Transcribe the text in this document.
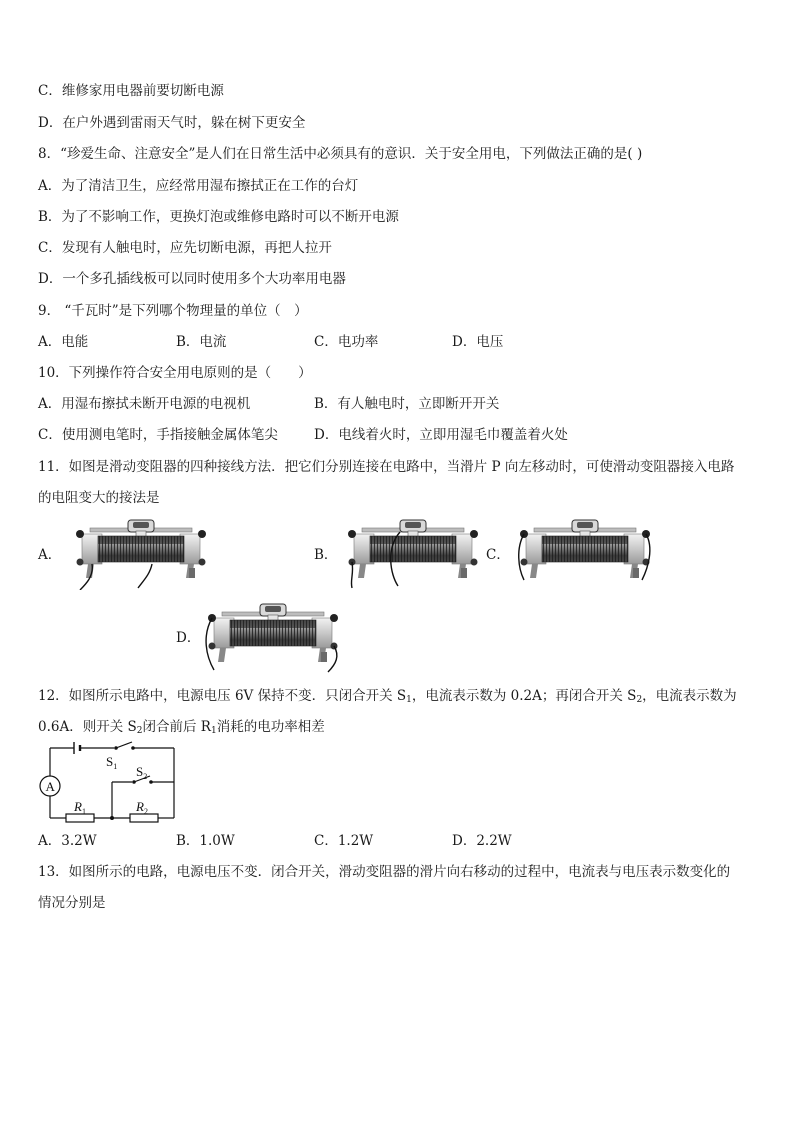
C．维修家用电器前要切断电源
D．在户外遇到雷雨天气时，躲在树下更安全
8．“珍爱生命、注意安全”是人们在日常生活中必须具有的意识．关于安全用电，下列做法正确的是( )
A．为了清洁卫生，应经常用湿布擦拭正在工作的台灯
B．为了不影响工作，更换灯泡或维修电路时可以不断开电源
C．发现有人触电时，应先切断电源，再把人拉开
D．一个多孔插线板可以同时使用多个大功率用电器
9． “千瓦时”是下列哪个物理量的单位（　）
A．电能	B．电流	C．电功率	D．电压
10．下列操作符合安全用电原则的是（　　）
A．用湿布擦拭未断开电源的电视机	B．有人触电时，立即断开开关
C．使用测电笔时，手指接触金属体笔尖	D．电线着火时，立即用湿毛巾覆盖着火处
11．如图是滑动变阻器的四种接线方法．把它们分别连接在电路中，当滑片 P 向左移动时，可使滑动变阻器接入电路
的电阻变大的接法是
A．	B．	C．
D．
12．如图所示电路中，电源电压 6V 保持不变．只闭合开关 $S_1$，电流表示数为 0.2A；再闭合开关 $S_2$，电流表示数为
0.6A．则开关 $S_2$闭合前后 $R_1$消耗的电功率相差
$S_1$
A
$R_1$	$R_2$
$S_2$
A．3.2W	B．1.0W	C．1.2W	D．2.2W
13．如图所示的电路，电源电压不变．闭合开关，滑动变阻器的滑片向右移动的过程中，电流表与电压表示数变化的
情况分别是
